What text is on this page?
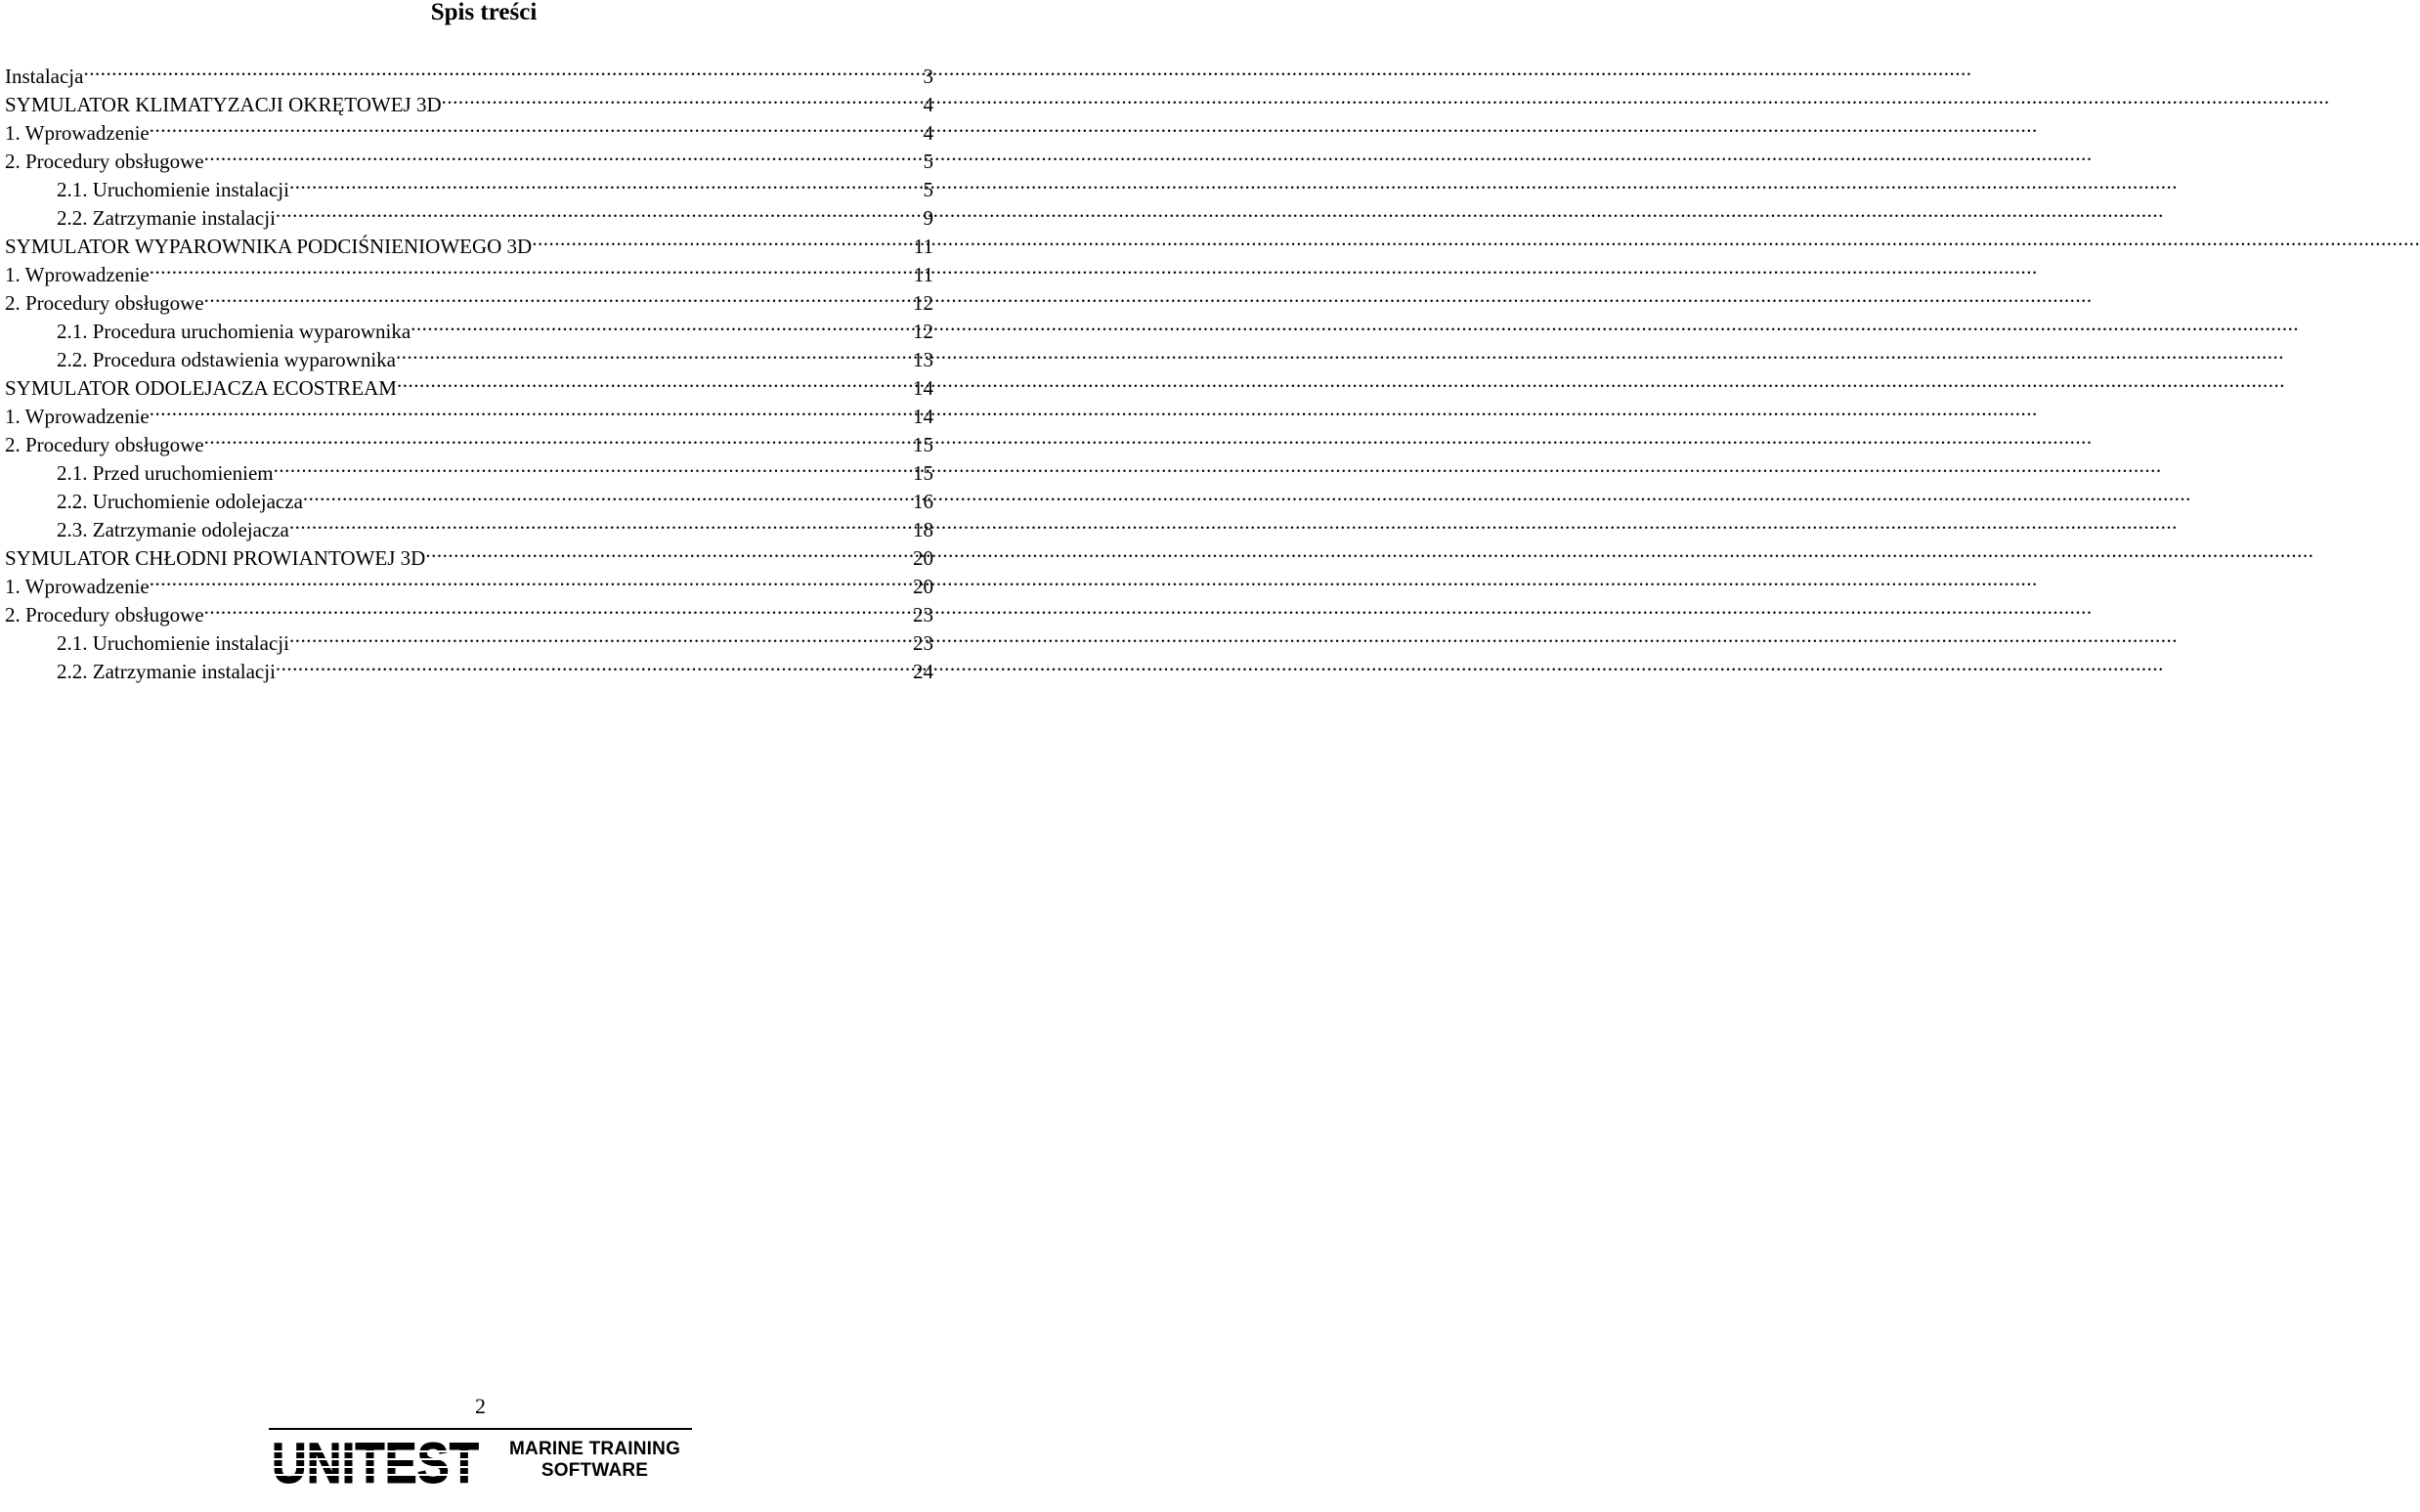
Spis treści
Instalacja .....	3
SYMULATOR KLIMATYZACJI OKRĘTOWEJ 3D .....	4
1. Wprowadzenie .....	4
2. Procedury obsługowe .....	5
2.1. Uruchomienie instalacji .....	5
2.2. Zatrzymanie instalacji .....	9
SYMULATOR WYPAROWNIKA PODCIŚNIENIOWEGO 3D .....	11
1. Wprowadzenie .....	11
2. Procedury obsługowe .....	12
2.1. Procedura uruchomienia wyparownika .....	12
2.2. Procedura odstawienia wyparownika .....	13
SYMULATOR ODOLEJACZA ECOSTREAM .....	14
1. Wprowadzenie .....	14
2. Procedury obsługowe .....	15
2.1. Przed uruchomieniem .....	15
2.2. Uruchomienie odolejacza .....	16
2.3. Zatrzymanie odolejacza .....	18
SYMULATOR CHŁODNI PROWIANTOWEJ 3D .....	20
1. Wprowadzenie .....	20
2. Procedury obsługowe .....	23
2.1. Uruchomienie instalacji .....	23
2.2. Zatrzymanie instalacji .....	24
2
UNITEST MARINE TRAINING
SOFTWARE
